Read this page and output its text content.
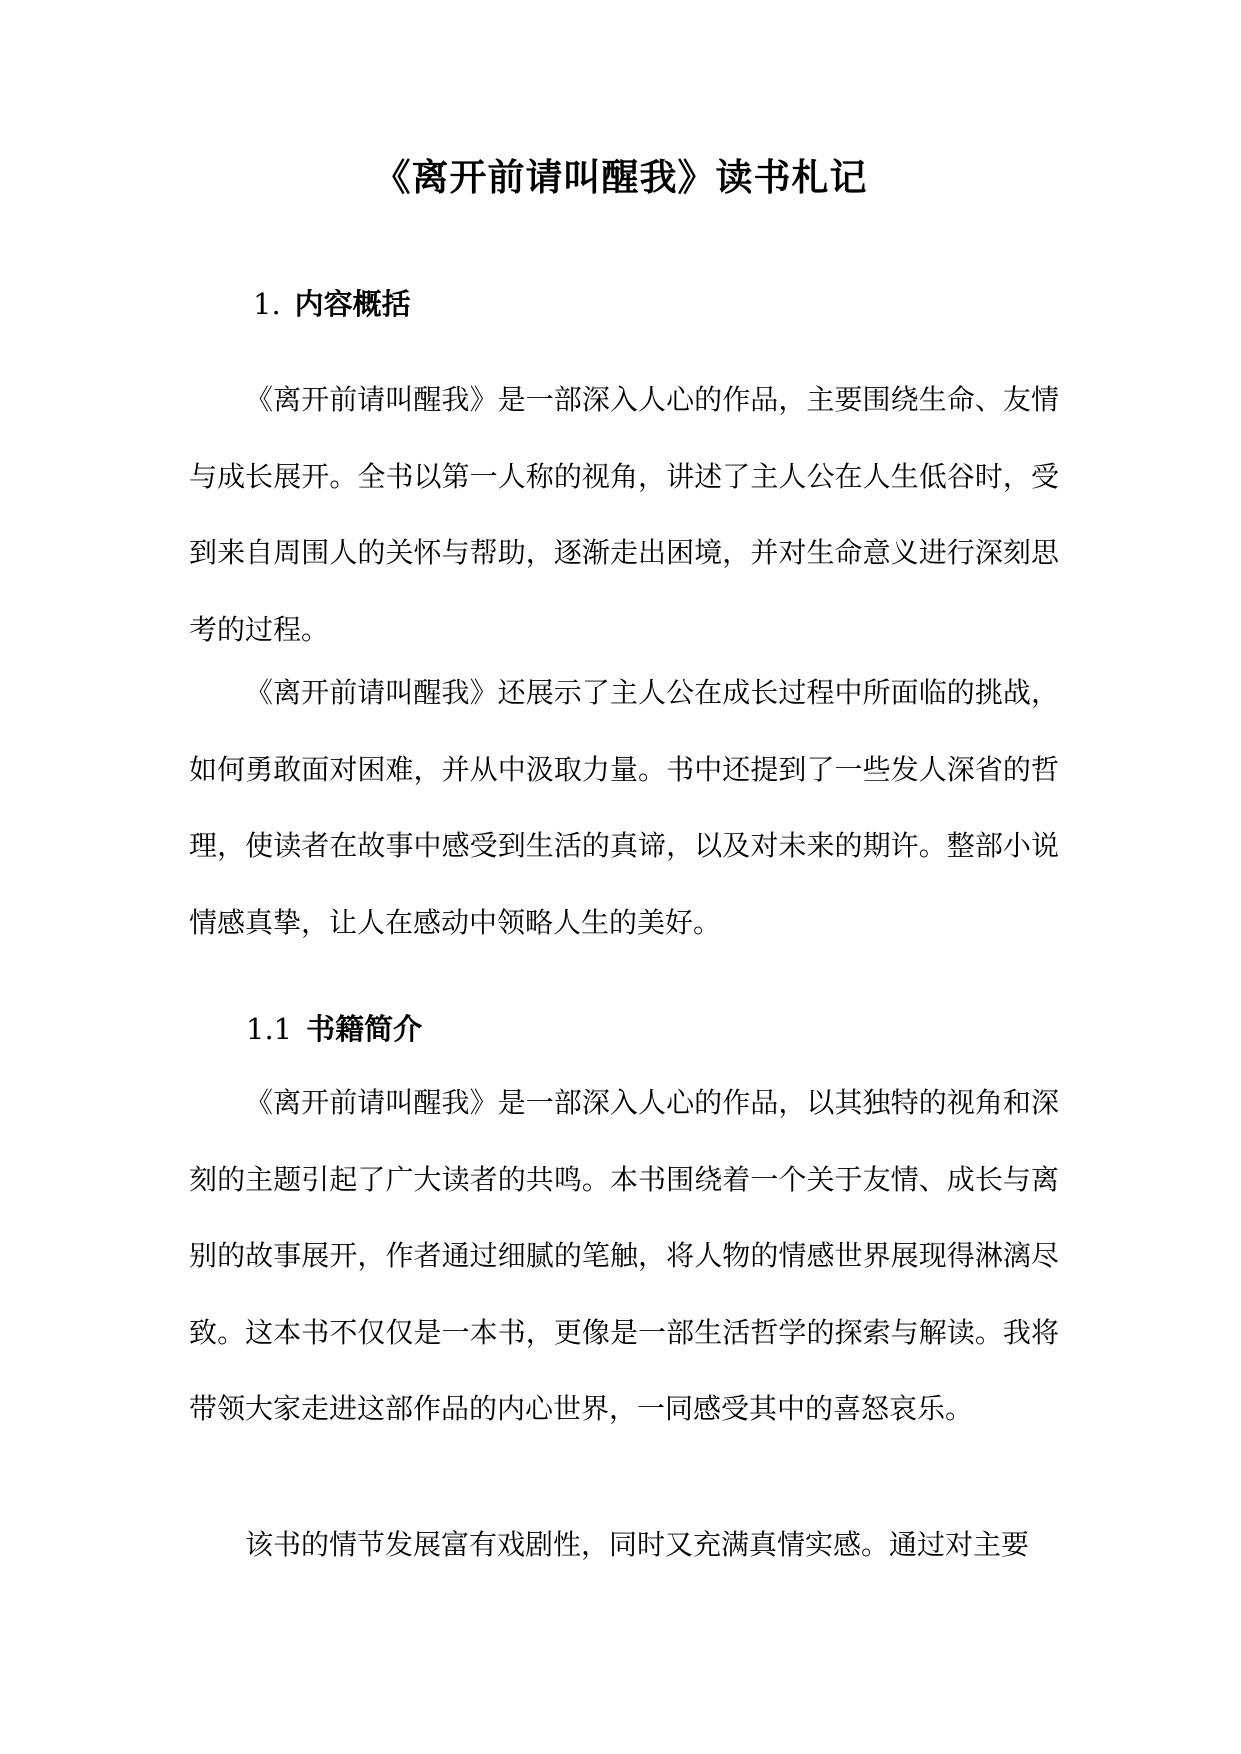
《离开前请叫醒我》读书札记
1. 内容概括

《离开前请叫醒我》是一部深入人心的作品，主要围绕生命、友情与成长展开。全书以第一人称的视角，讲述了主人公在人生低谷时，受到来自周围人的关怀与帮助，逐渐走出困境，并对生命意义进行深刻思考的过程。

《离开前请叫醒我》还展示了主人公在成长过程中所面临的挑战，如何勇敢面对困难，并从中汲取力量。书中还提到了一些发人深省的哲理，使读者在故事中感受到生活的真谛，以及对未来的期许。整部小说情感真挚，让人在感动中领略人生的美好。

1.1 书籍简介

《离开前请叫醒我》是一部深入人心的作品，以其独特的视角和深刻的主题引起了广大读者的共鸣。本书围绕着一个关于友情、成长与离别的故事展开，作者通过细腻的笔触，将人物的情感世界展现得淋漓尽致。这本书不仅仅是一本书，更像是一部生活哲学的探索与解读。我将带领大家走进这部作品的内心世界，一同感受其中的喜怒哀乐。

该书的情节发展富有戏剧性，同时又充满真情实感。通过对主要
